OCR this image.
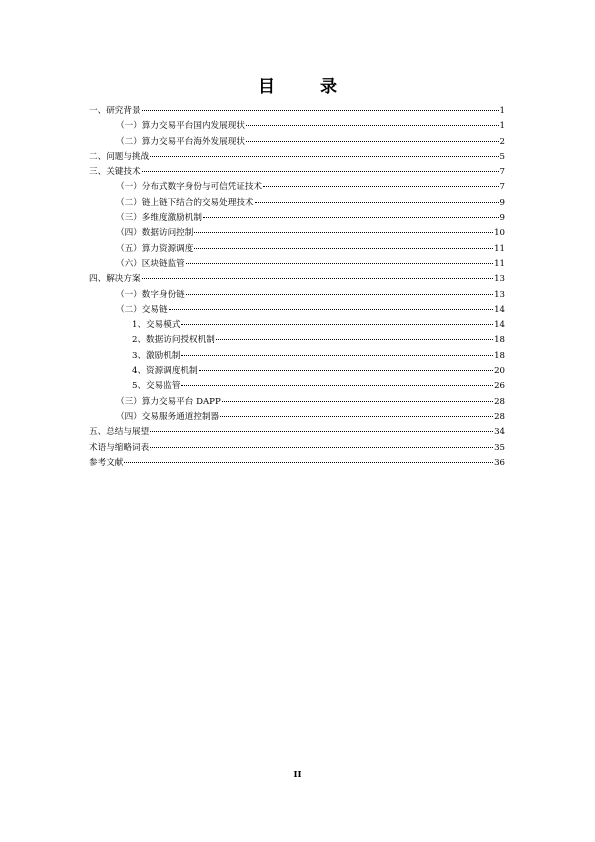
目　录
一、研究背景	1
（一）算力交易平台国内发展现状	1
（二）算力交易平台海外发展现状	2
二、问题与挑战	5
三、关键技术	7
（一）分布式数字身份与可信凭证技术	7
（二）链上链下结合的交易处理技术	9
（三）多维度激励机制	9
（四）数据访问控制	10
（五）算力资源调度	11
（六）区块链监管	11
四、解决方案	13
（一）数字身份链	13
（二）交易链	14
1、交易模式	14
2、数据访问授权机制	18
3、激励机制	18
4、资源调度机制	20
5、交易监管	26
（三）算力交易平台 DAPP	28
（四）交易服务通道控制器	28
五、总结与展望	34
术语与缩略词表	35
参考文献	36
II
